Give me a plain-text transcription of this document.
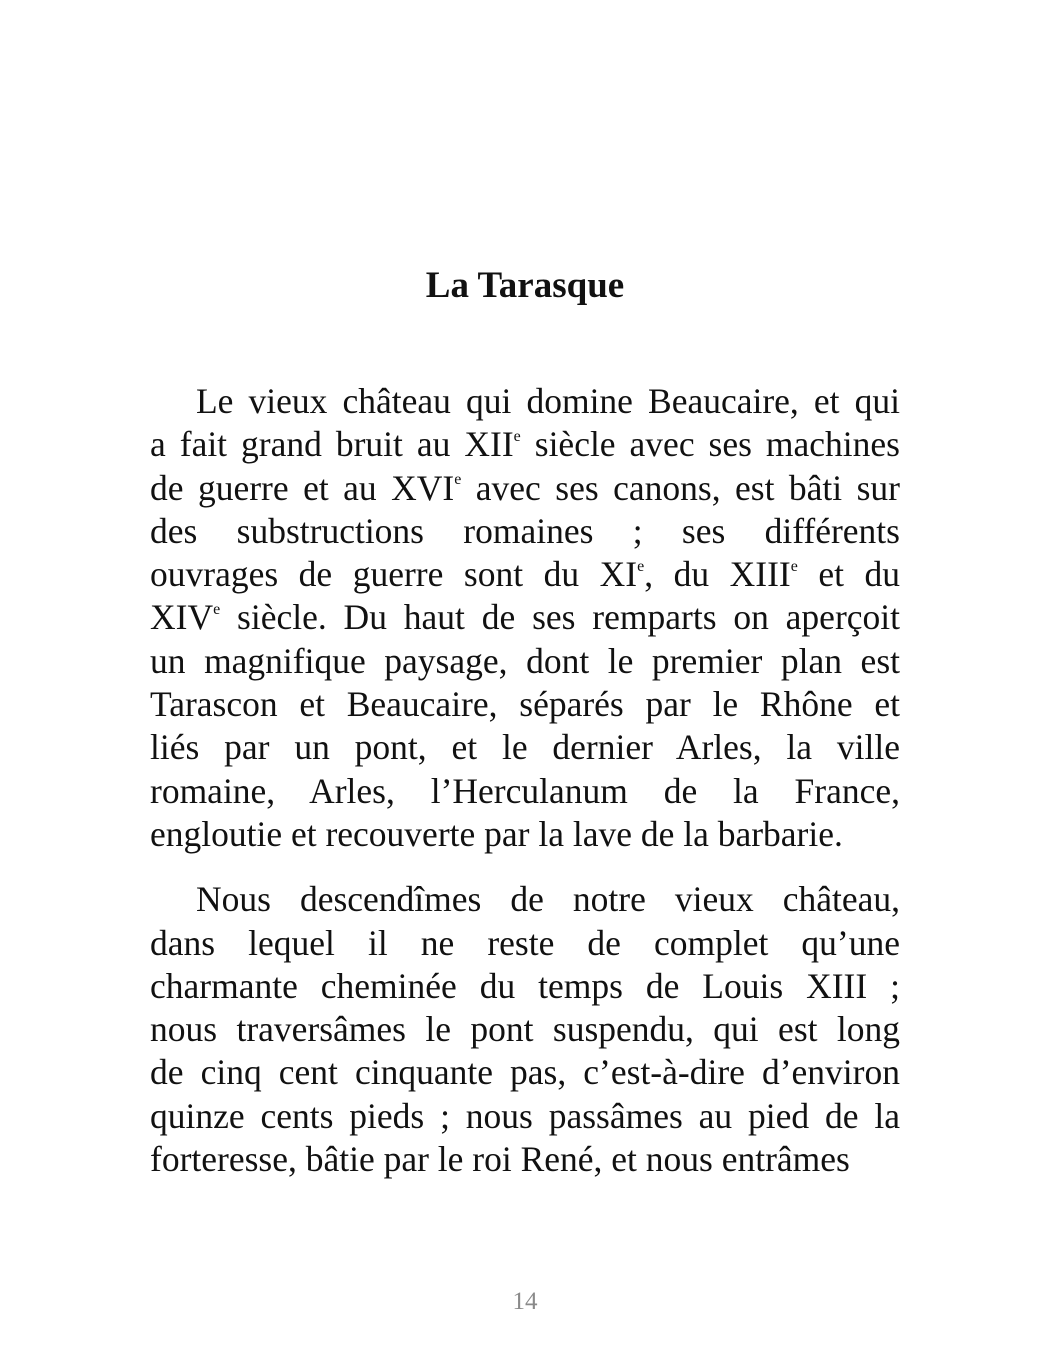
La Tarasque

Le vieux château qui domine Beaucaire, et qui
a fait grand bruit au XIIe siècle avec ses machines
de guerre et au XVIe avec ses canons, est bâti sur
des substructions romaines ; ses différents
ouvrages de guerre sont du XIe, du XIIIe et du
XIVe siècle. Du haut de ses remparts on aperçoit
un magnifique paysage, dont le premier plan est
Tarascon et Beaucaire, séparés par le Rhône et
liés par un pont, et le dernier Arles, la ville
romaine, Arles, l’Herculanum de la France,
engloutie et recouverte par la lave de la barbarie.

Nous descendîmes de notre vieux château,
dans lequel il ne reste de complet qu’une
charmante cheminée du temps de Louis XIII ;
nous traversâmes le pont suspendu, qui est long
de cinq cent cinquante pas, c’est-à-dire d’environ
quinze cents pieds ; nous passâmes au pied de la
forteresse, bâtie par le roi René, et nous entrâmes

14
